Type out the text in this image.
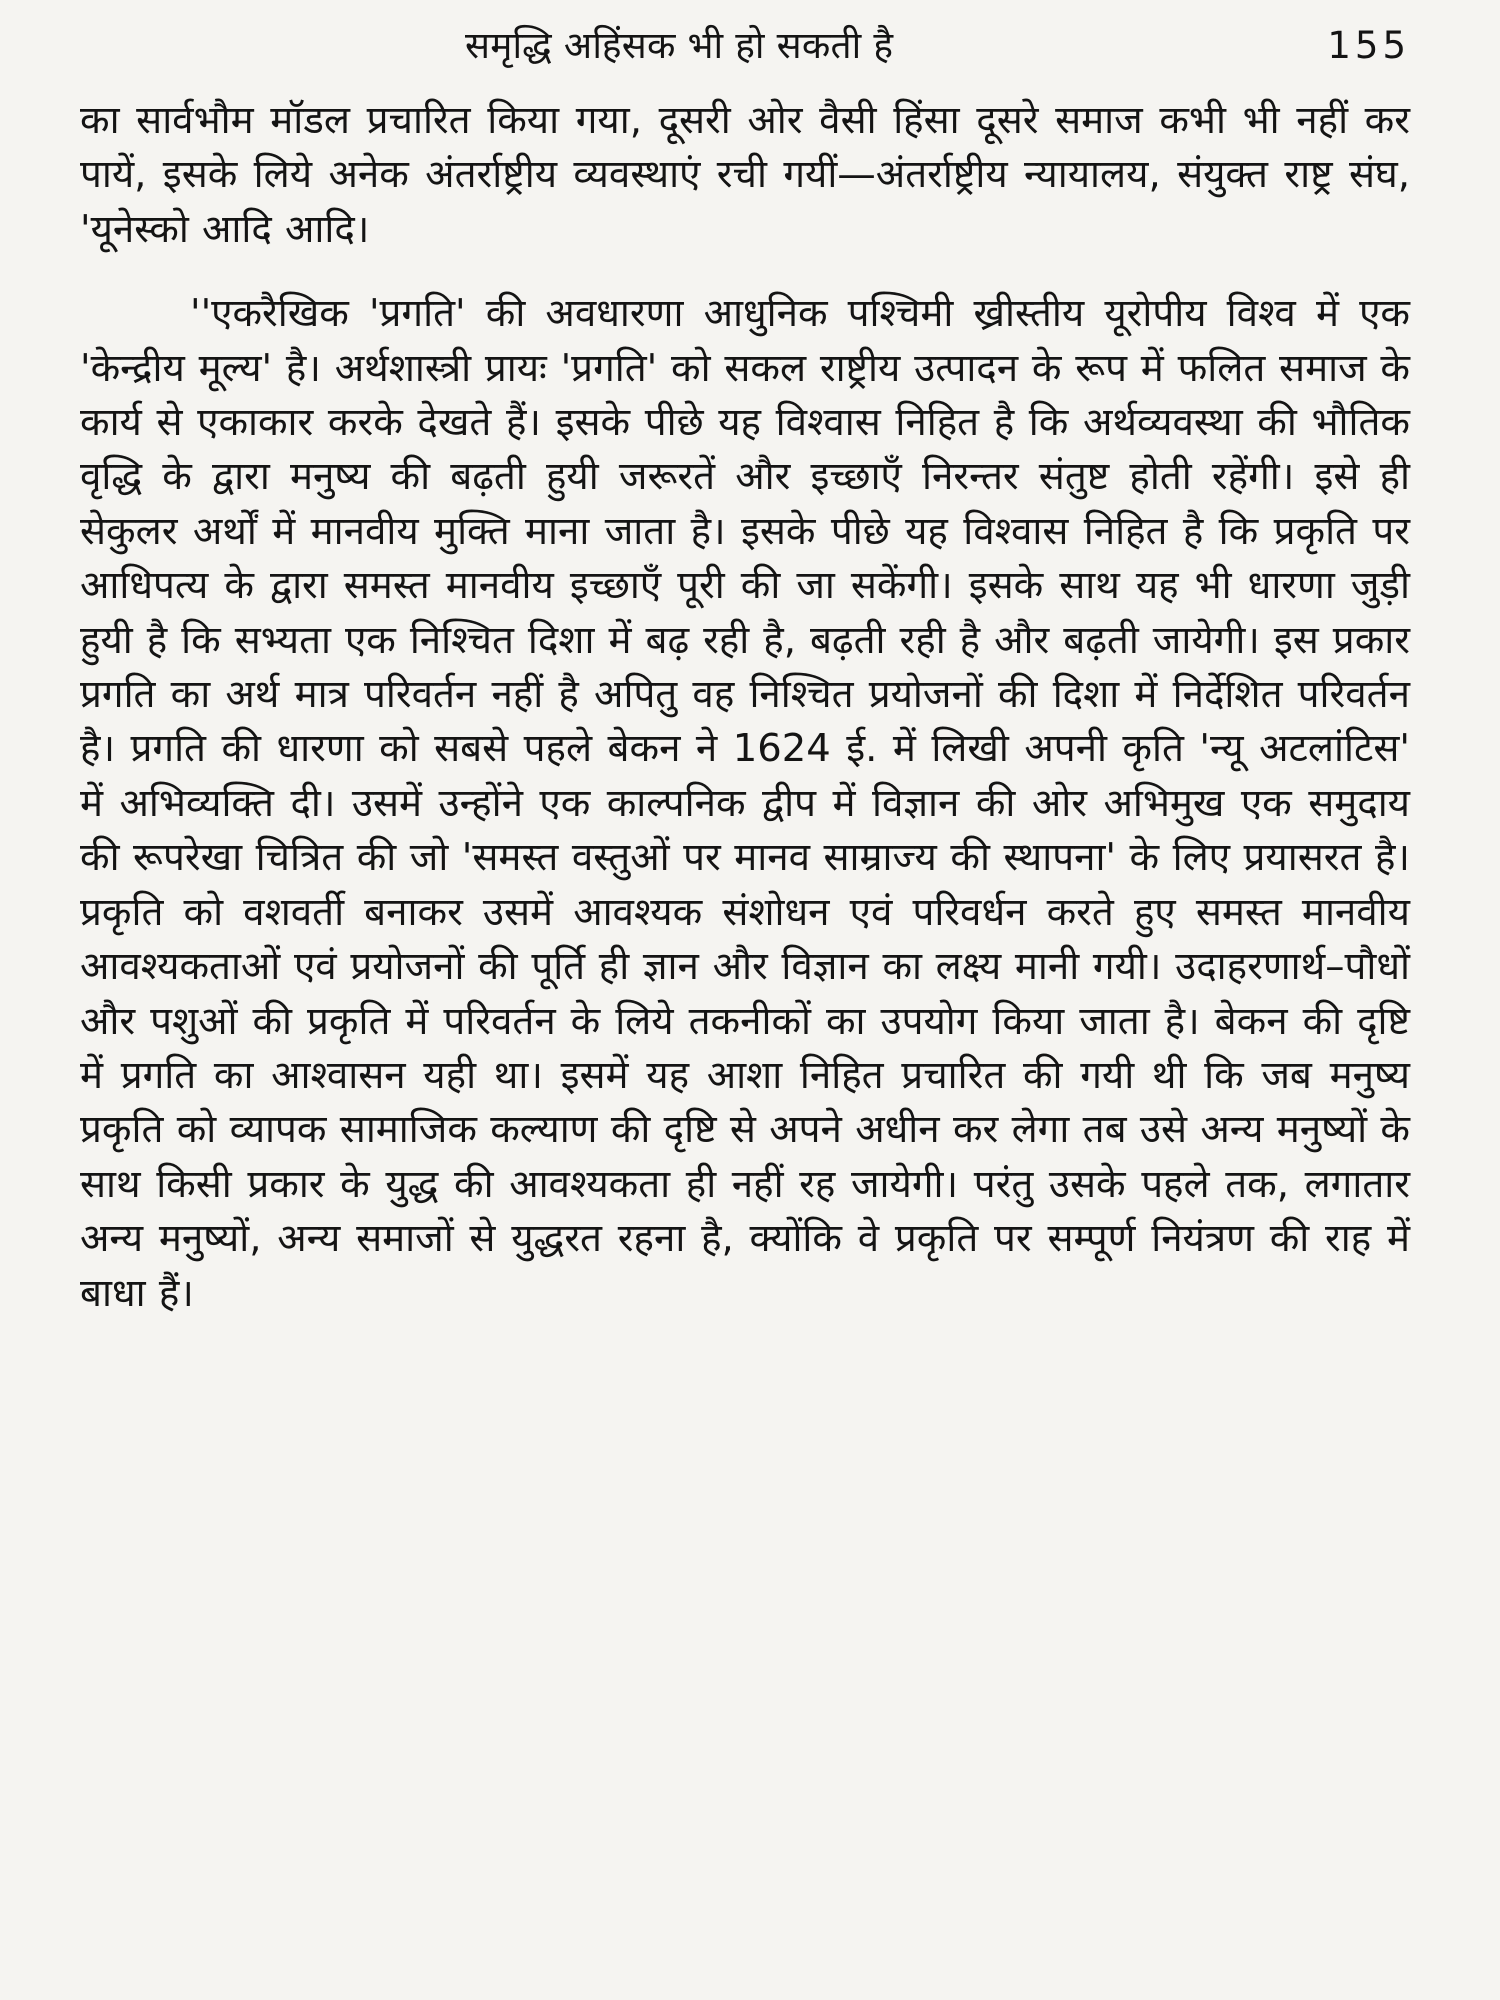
समृद्धि अहिंसक भी हो सकती है	155

का सार्वभौम मॉडल प्रचारित किया गया, दूसरी ओर वैसी हिंसा दूसरे समाज कभी भी नहीं कर पायें, इसके लिये अनेक अंतर्राष्ट्रीय व्यवस्थाएं रची गयीं—अंतर्राष्ट्रीय न्यायालय, संयुक्त राष्ट्र संघ, 'यूनेस्को आदि आदि।

''एकरैखिक 'प्रगति' की अवधारणा आधुनिक पश्चिमी ख्रीस्तीय यूरोपीय विश्व में एक 'केन्द्रीय मूल्य' है। अर्थशास्त्री प्रायः 'प्रगति' को सकल राष्ट्रीय उत्पादन के रूप में फलित समाज के कार्य से एकाकार करके देखते हैं। इसके पीछे यह विश्वास निहित है कि अर्थव्यवस्था की भौतिक वृद्धि के द्वारा मनुष्य की बढ़ती हुयी जरूरतें और इच्छाएँ निरन्तर संतुष्ट होती रहेंगी। इसे ही सेकुलर अर्थों में मानवीय मुक्ति माना जाता है। इसके पीछे यह विश्वास निहित है कि प्रकृति पर आधिपत्य के द्वारा समस्त मानवीय इच्छाएँ पूरी की जा सकेंगी। इसके साथ यह भी धारणा जुड़ी हुयी है कि सभ्यता एक निश्चित दिशा में बढ़ रही है, बढ़ती रही है और बढ़ती जायेगी। इस प्रकार प्रगति का अर्थ मात्र परिवर्तन नहीं है अपितु वह निश्चित प्रयोजनों की दिशा में निर्देशित परिवर्तन है। प्रगति की धारणा को सबसे पहले बेकन ने 1624 ई. में लिखी अपनी कृति 'न्यू अटलांटिस' में अभिव्यक्ति दी। उसमें उन्होंने एक काल्पनिक द्वीप में विज्ञान की ओर अभिमुख एक समुदाय की रूपरेखा चित्रित की जो 'समस्त वस्तुओं पर मानव साम्राज्य की स्थापना' के लिए प्रयासरत है। प्रकृति को वशवर्ती बनाकर उसमें आवश्यक संशोधन एवं परिवर्धन करते हुए समस्त मानवीय आवश्यकताओं एवं प्रयोजनों की पूर्ति ही ज्ञान और विज्ञान का लक्ष्य मानी गयी। उदाहरणार्थ–पौधों और पशुओं की प्रकृति में परिवर्तन के लिये तकनीकों का उपयोग किया जाता है। बेकन की दृष्टि में प्रगति का आश्वासन यही था। इसमें यह आशा निहित प्रचारित की गयी थी कि जब मनुष्य प्रकृति को व्यापक सामाजिक कल्याण की दृष्टि से अपने अधीन कर लेगा तब उसे अन्य मनुष्यों के साथ किसी प्रकार के युद्ध की आवश्यकता ही नहीं रह जायेगी। परंतु उसके पहले तक, लगातार अन्य मनुष्यों, अन्य समाजों से युद्धरत रहना है, क्योंकि वे प्रकृति पर सम्पूर्ण नियंत्रण की राह में बाधा हैं।
